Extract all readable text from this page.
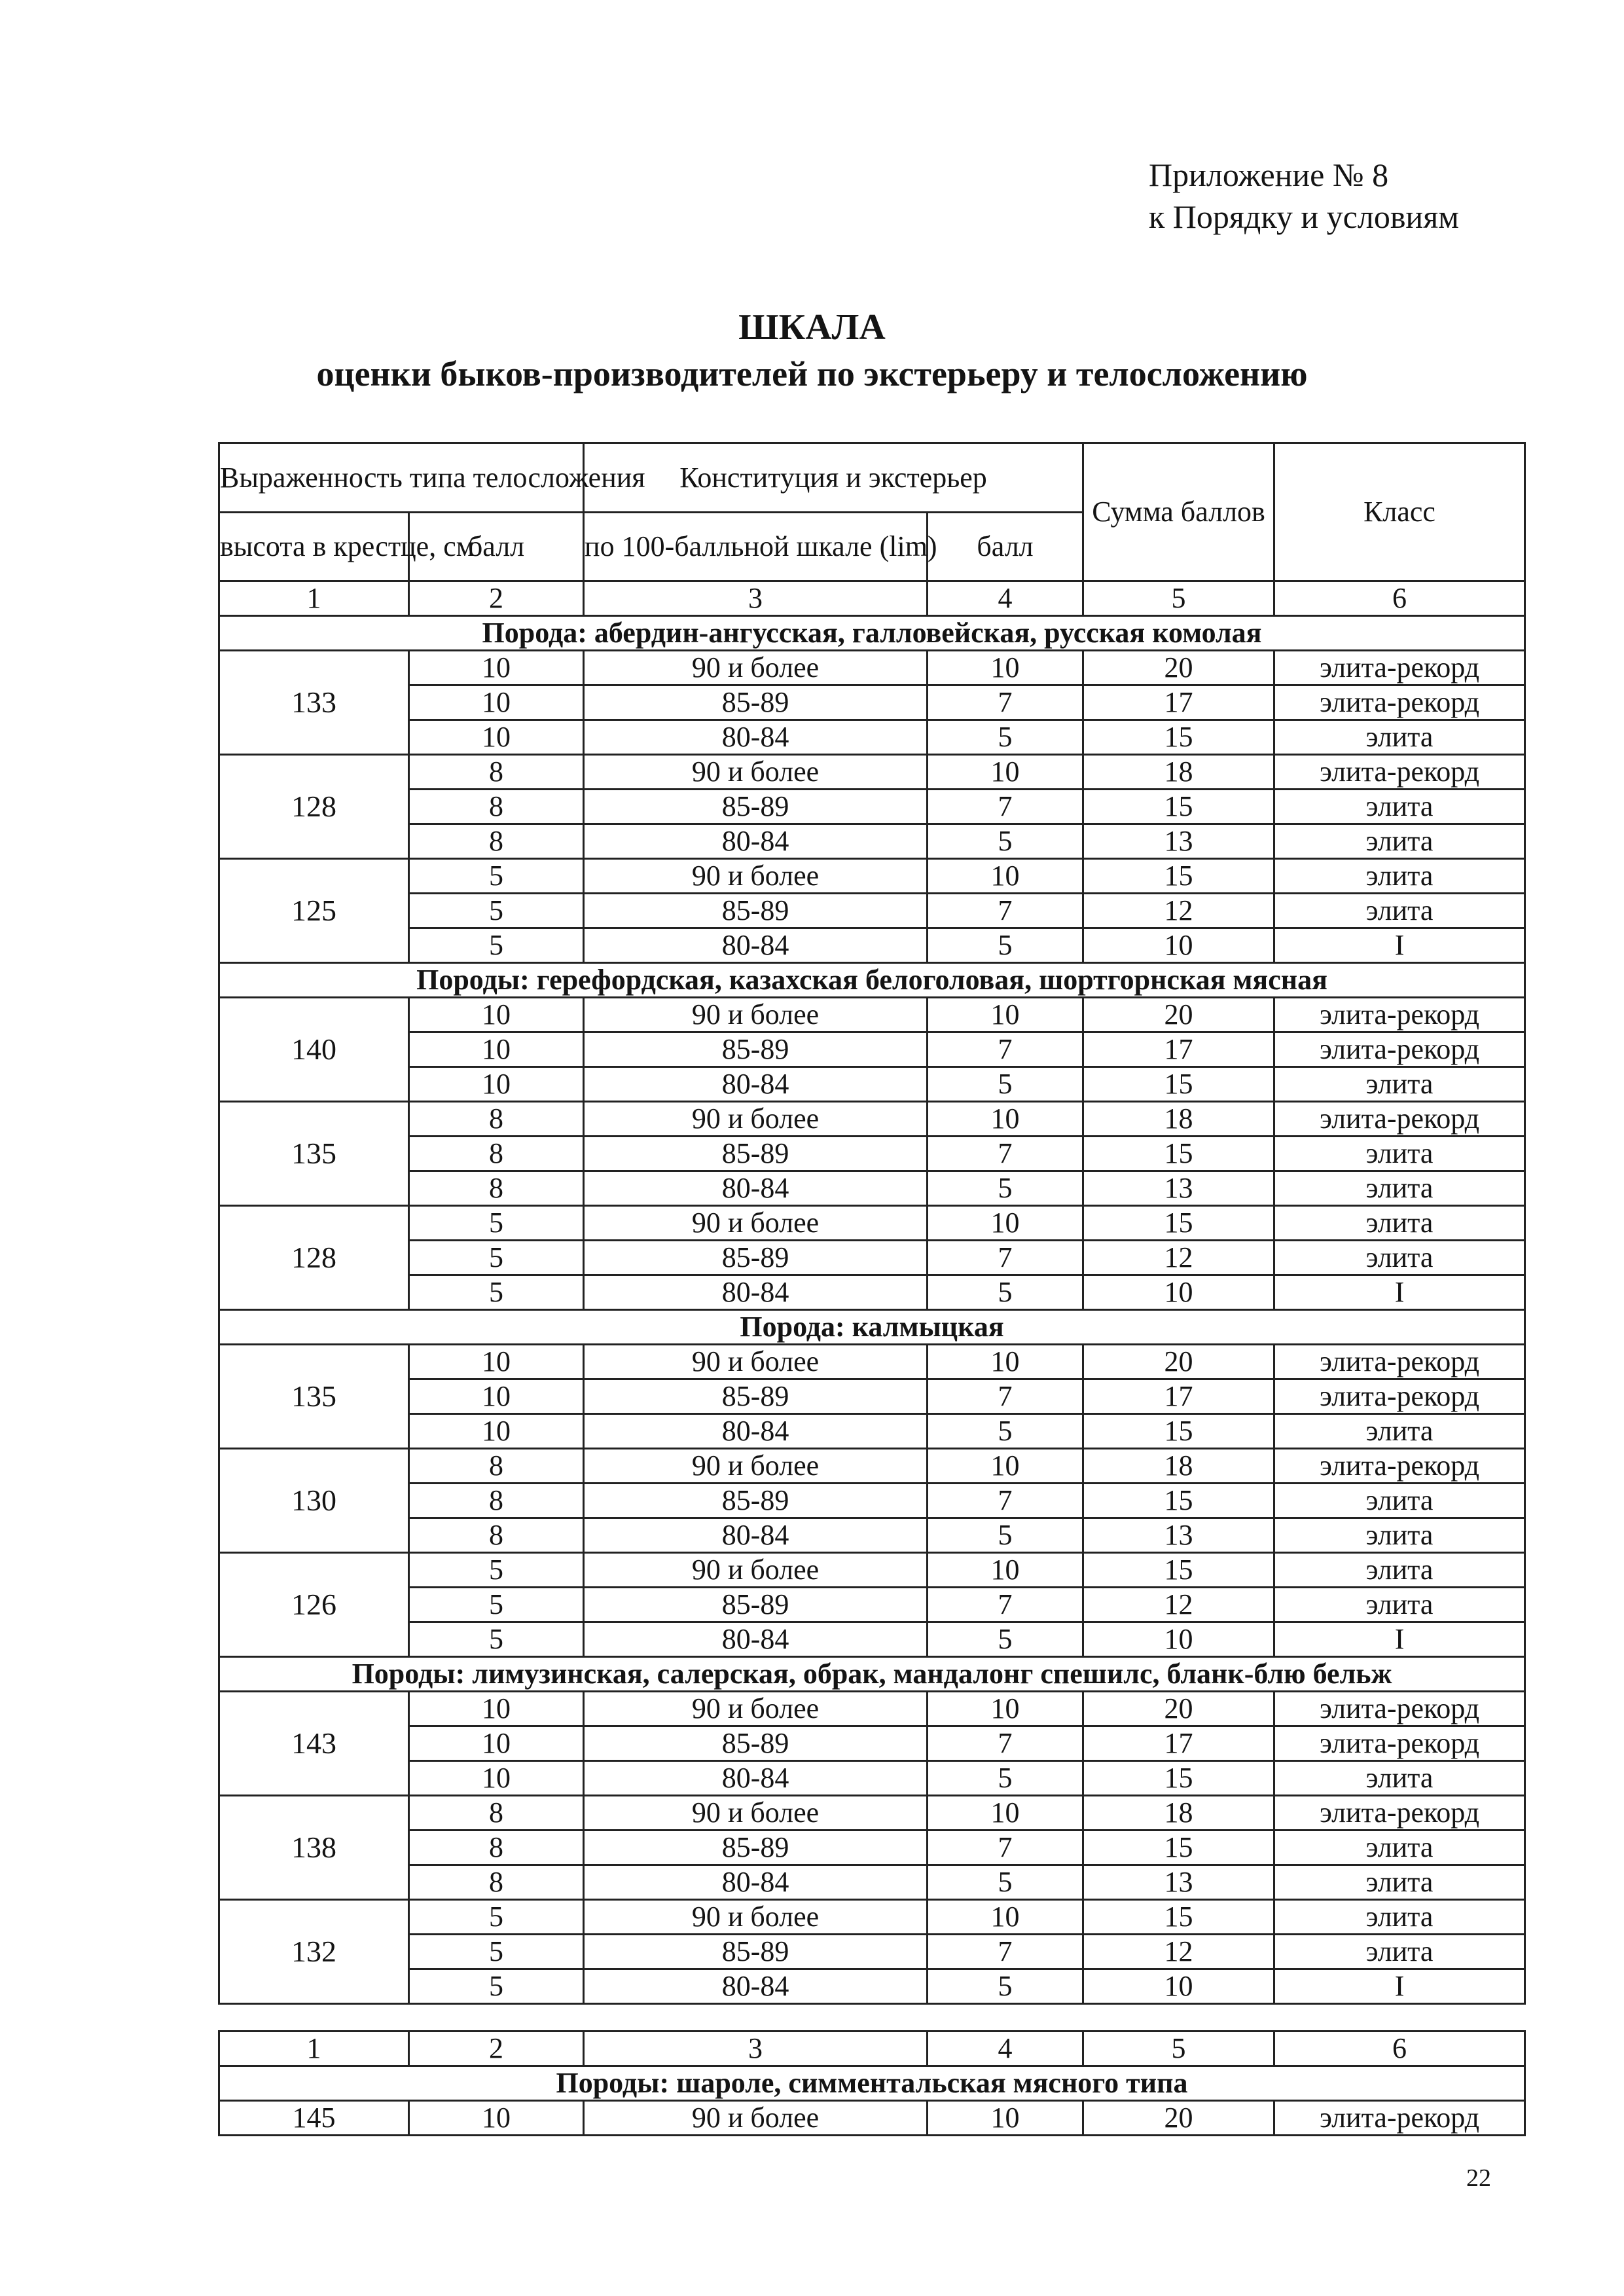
Приложение № 8
к Порядку и условиям
ШКАЛА
оценки быков-производителей по экстерьеру и телосложению
Выраженность типа телосложения		Конституция и экстерьер		Сумма баллов	Класс
высота в крестце, см	балл	по 100-балльной шкале (lim)	балл		
1	2	3	4	5	6
Порода: абердин-ангусская, галловейская, русская комолая					
133	10	90 и более	10	20	элита-рекорд
	10	85-89	7	17	элита-рекорд
	10	80-84	5	15	элита
128	8	90 и более	10	18	элита-рекорд
	8	85-89	7	15	элита
	8	80-84	5	13	элита
125	5	90 и более	10	15	элита
	5	85-89	7	12	элита
	5	80-84	5	10	I
Породы: герефордская, казахская белоголовая, шортгорнская мясная					
140	10	90 и более	10	20	элита-рекорд
	10	85-89	7	17	элита-рекорд
	10	80-84	5	15	элита
135	8	90 и более	10	18	элита-рекорд
	8	85-89	7	15	элита
	8	80-84	5	13	элита
128	5	90 и более	10	15	элита
	5	85-89	7	12	элита
	5	80-84	5	10	I
Порода: калмыцкая					
135	10	90 и более	10	20	элита-рекорд
	10	85-89	7	17	элита-рекорд
	10	80-84	5	15	элита
130	8	90 и более	10	18	элита-рекорд
	8	85-89	7	15	элита
	8	80-84	5	13	элита
126	5	90 и более	10	15	элита
	5	85-89	7	12	элита
	5	80-84	5	10	I
Породы: лимузинская, салерская, обрак, мандалонг спешилс, бланк-блю бельж					
143	10	90 и более	10	20	элита-рекорд
	10	85-89	7	17	элита-рекорд
	10	80-84	5	15	элита
138	8	90 и более	10	18	элита-рекорд
	8	85-89	7	15	элита
	8	80-84	5	13	элита
132	5	90 и более	10	15	элита
	5	85-89	7	12	элита
	5	80-84	5	10	I
1	2	3	4	5	6
Породы: шароле, симментальская мясного типа					
145	10	90 и более	10	20	элита-рекорд
22
